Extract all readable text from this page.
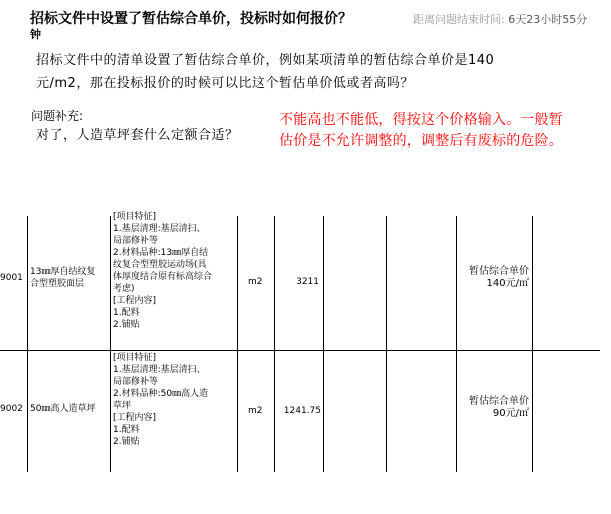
招标文件中设置了暂估综合单价，投标时如何报价？
钟
距离问题结束时间: 6天23小时55分
招标文件中的清单设置了暂估综合单价，例如某项清单的暂估综合单价是140
元/m2，那在投标报价的时候可以比这个暂估单价低或者高吗？
问题补充:
对了，人造草坪套什么定额合适？
不能高也不能低，得按这个价格输入。一般暂
估价是不允许调整的，调整后有废标的危险。
9001
13㎜厚自结纹复
合型塑胶面层
[项目特征]
1.基层清理:基层清扫、
局部修补等
2.材料品种:13㎜厚自结
纹复合型塑胶运动场(具
体厚度结合原有标高综合
考虑)
[工程内容]
1.配料
2.铺贴
m2	3211
暂估综合单价
140元/㎡
9002 50㎜高人造草坪
[项目特征]
1.基层清理:基层清扫、
局部修补等
2.材料品种:50㎜高人造
草坪
[工程内容]
1.配料
2.铺贴
m2	1241.75
暂估综合单价
90元/㎡
